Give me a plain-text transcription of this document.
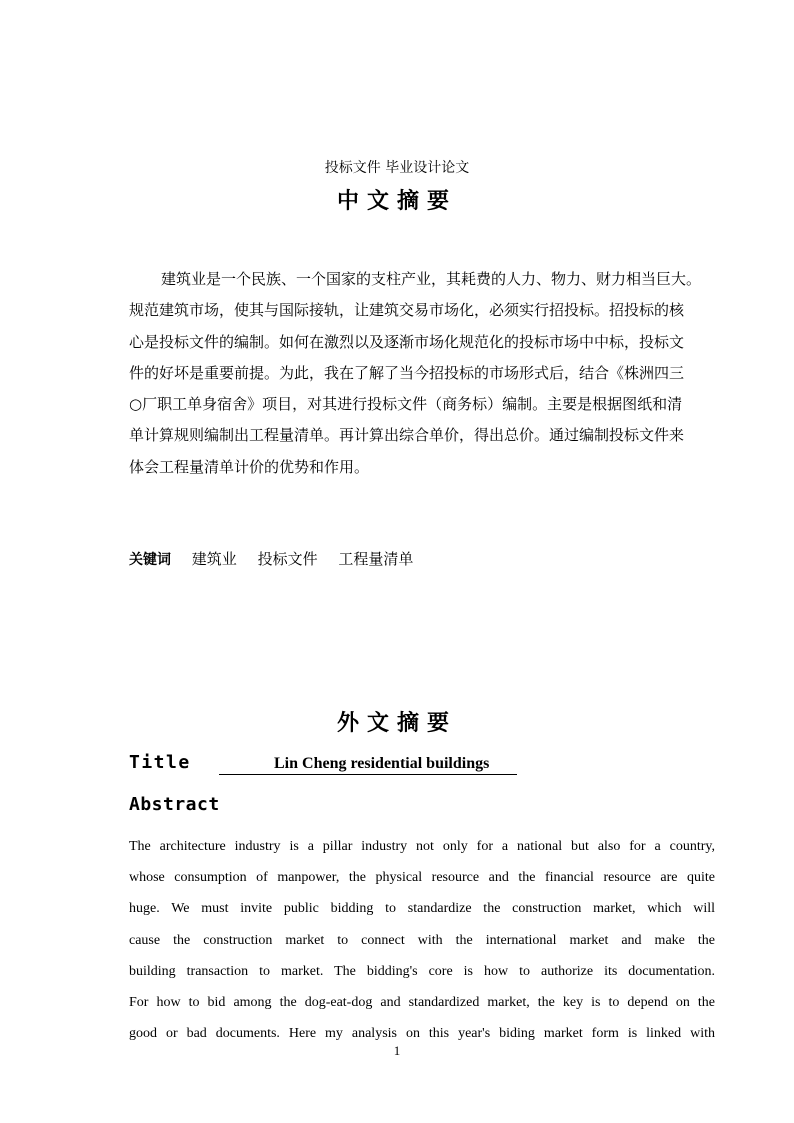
投标文件 毕业设计论文
中文摘要
建筑业是一个民族、一个国家的支柱产业，其耗费的人力、物力、财力相当巨大。
规范建筑市场，使其与国际接轨，让建筑交易市场化，必须实行招投标。招投标的核
心是投标文件的编制。如何在激烈以及逐渐市场化规范化的投标市场中中标，投标文
件的好坏是重要前提。为此，我在了解了当今招投标的市场形式后，结合《株洲四三
○厂职工单身宿舍》项目，对其进行投标文件（商务标）编制。主要是根据图纸和清
单计算规则编制出工程量清单。再计算出综合单价，得出总价。通过编制投标文件来
体会工程量清单计价的优势和作用。
关键词 建筑业 投标文件 工程量清单
外文摘要
Title	Lin Cheng residential buildings
Abstract
The architecture industry is a pillar industry not only for a national but also for a country,
whose consumption of manpower, the physical resource and the financial resource are quite
huge. We must invite public bidding to standardize the construction market, which will
cause the construction market to connect with the international market and make the
building transaction to market. The bidding's core is how to authorize its documentation.
For how to bid among the dog-eat-dog and standardized market, the key is to depend on the
good or bad documents. Here my analysis on this year's biding market form is linked with
1
